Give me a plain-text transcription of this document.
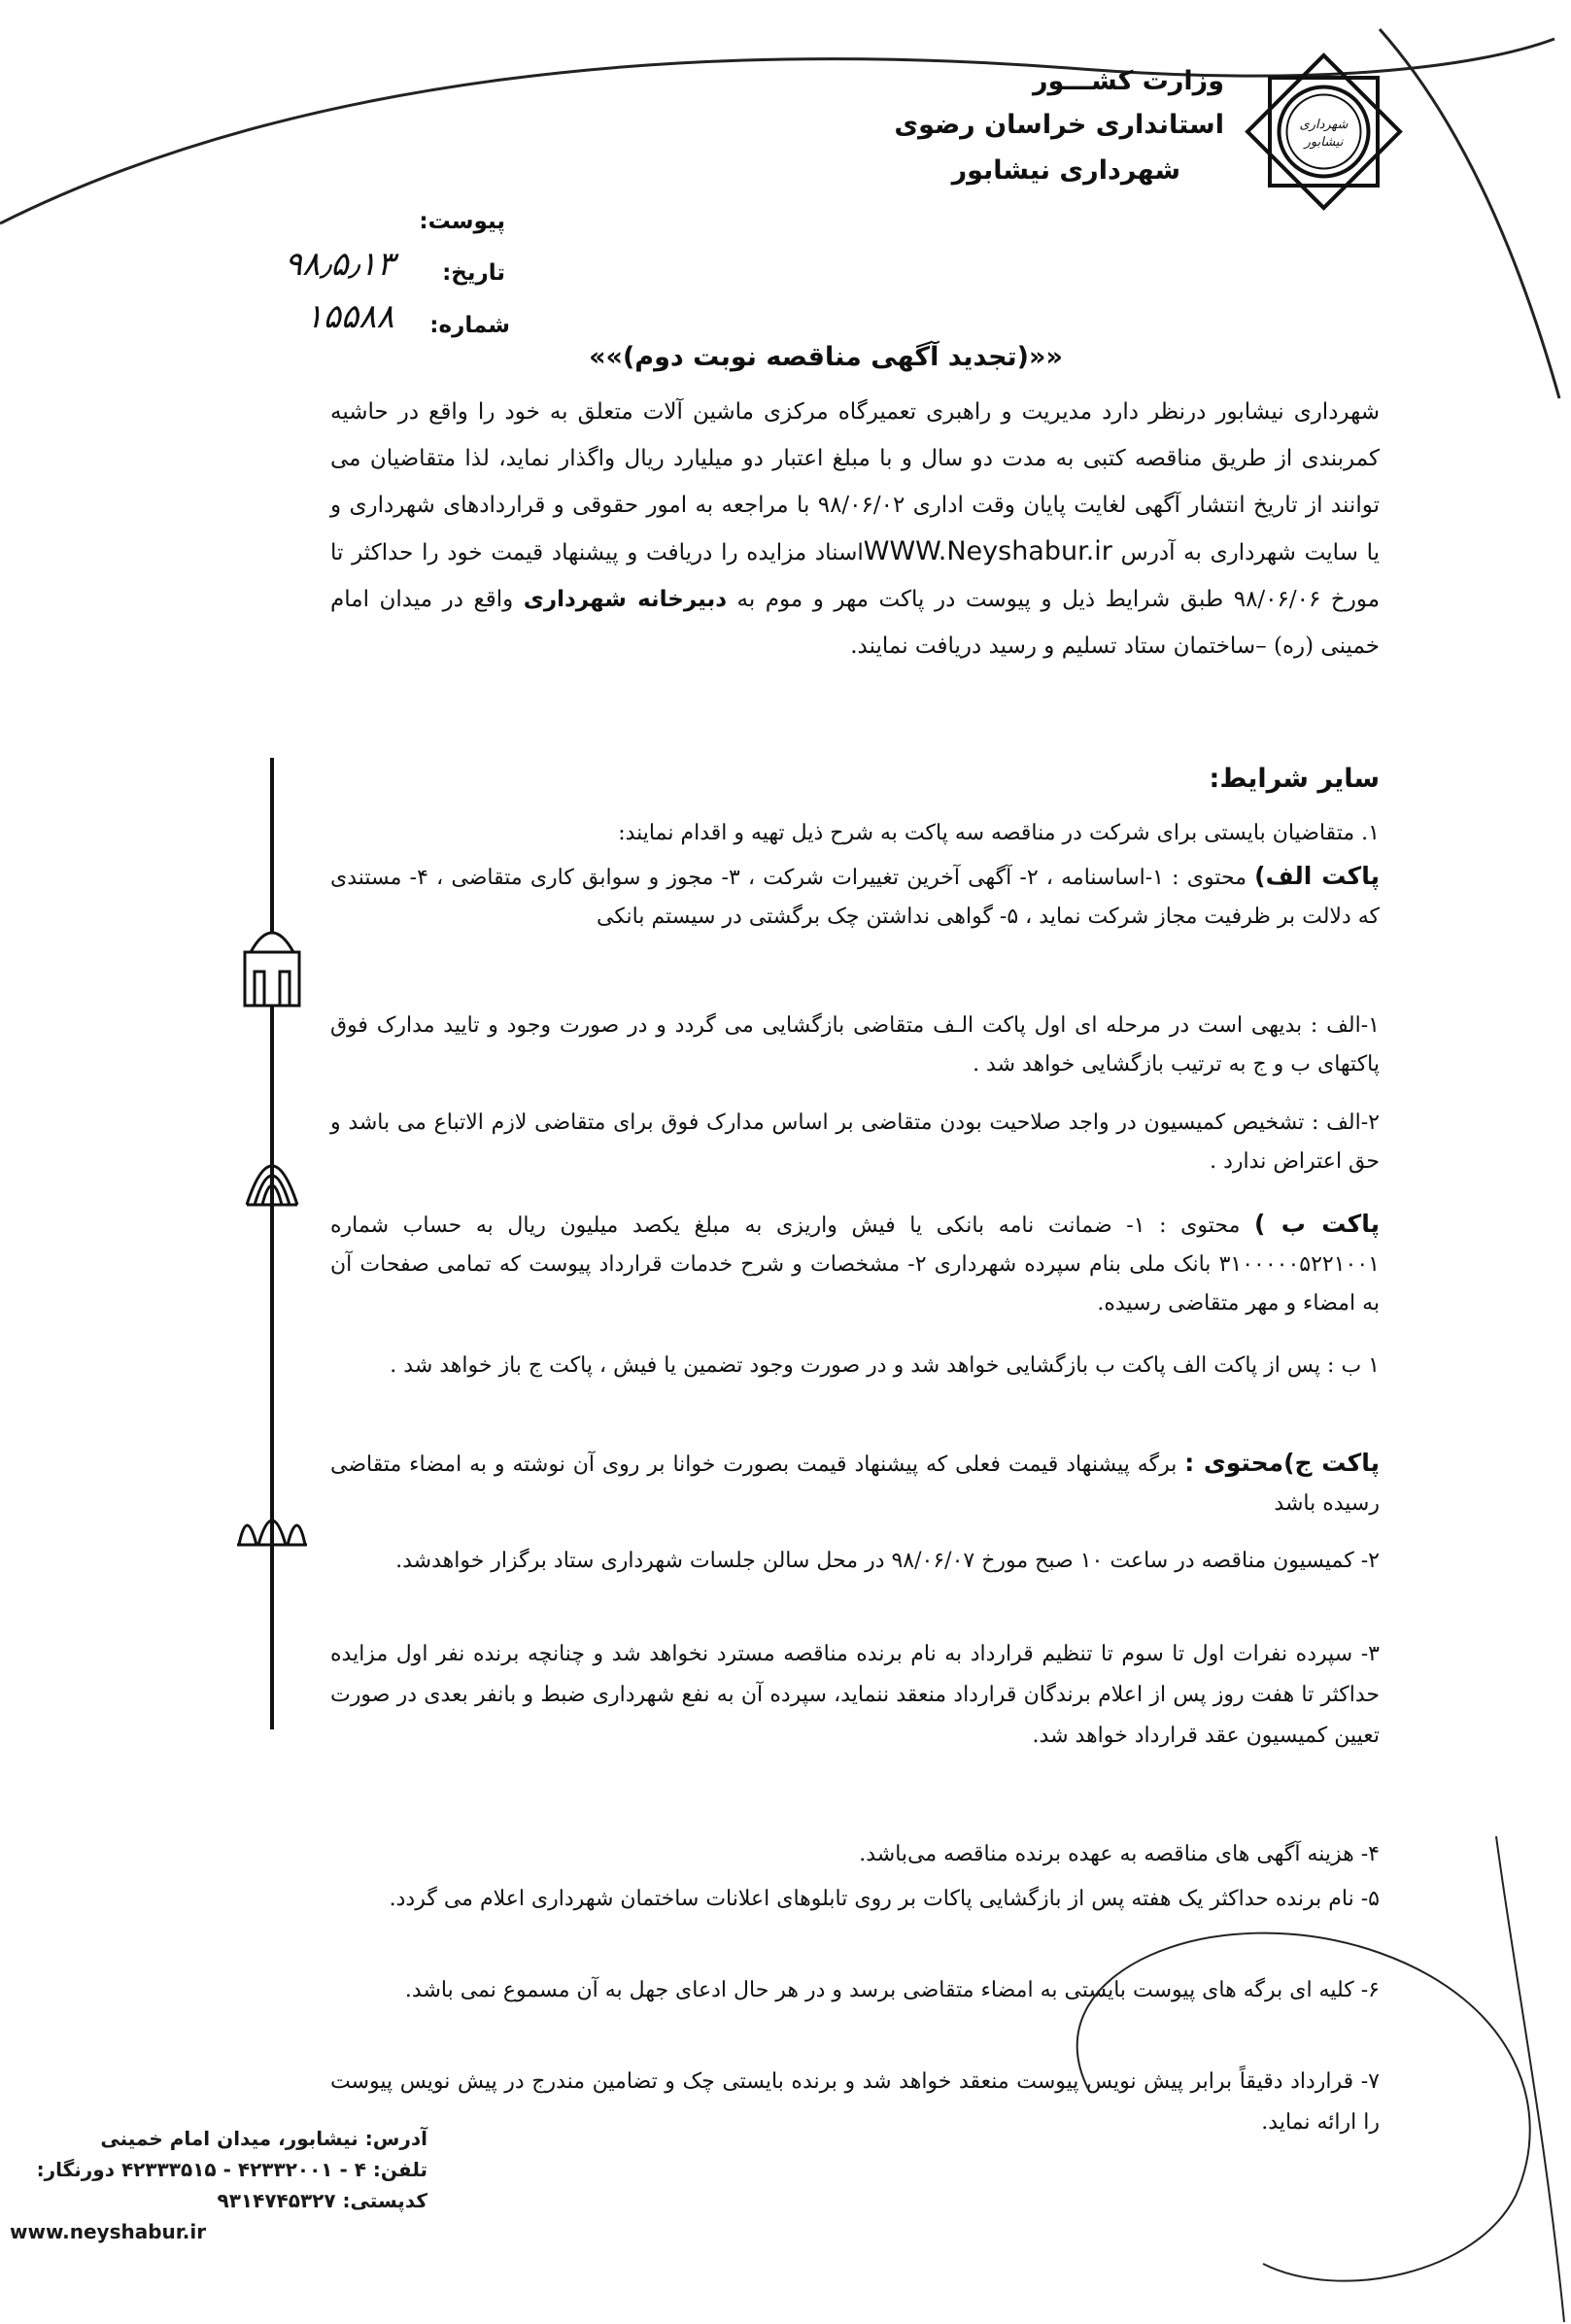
شهرداری
نیشابور
وزارت کشـــور
استانداری خراسان رضوی
شهرداری نیشابور
پیوست:
تاریخ:
۹۸٫۵٫۱۳
شماره:
۱۵۵۸۸
««(تجدید آگهی مناقصه نوبت دوم)»»
شهرداری نیشابور درنظر دارد مدیریت و راهبری تعمیرگاه مرکزی ماشین آلات متعلق به خود را واقع در حاشیه کمربندی از طریق مناقصه کتبی به مدت دو سال و با مبلغ اعتبار دو میلیارد ریال واگذار نماید، لذا متقاضیان می توانند از تاریخ انتشار آگهی لغایت پایان وقت اداری ۹۸/۰۶/۰۲ با مراجعه به امور حقوقی و قراردادهای شهرداری و یا سایت شهرداری به آدرس WWW.Neyshabur.irاسناد مزایده را دریافت و پیشنهاد قیمت خود را حداکثر تا مورخ ۹۸/۰۶/۰۶ طبق شرایط ذیل و پیوست در پاکت مهر و موم به دبیرخانه شهرداری واقع در میدان امام خمینی (ره) –ساختمان ستاد تسلیم و رسید دریافت نمایند.
سایر شرایط:
۱. متقاضیان بایستی برای شرکت در مناقصه سه پاکت به شرح ذیل تهیه و اقدام نمایند:
پاکت الف) محتوی : ۱-اساسنامه ، ۲- آگهی آخرین تغییرات شرکت ، ۳- مجوز و سوابق کاری متقاضی ، ۴- مستندی که دلالت بر ظرفیت مجاز شرکت نماید ، ۵- گواهی نداشتن چک برگشتی در سیستم بانکی
۱-الف : بدیهی است در مرحله ای اول پاکت الـف متقاضی بازگشایی می گردد و در صورت وجود و تایید مدارک فوق پاکتهای ب و ج به ترتیب بازگشایی خواهد شد .
۲-الف : تشخیص کمیسیون در واجد صلاحیت بودن متقاضی بر اساس مدارک فوق برای متقاضی لازم الاتباع می باشد و حق اعتراض ندارد .
پاکت ب ) محتوی : ۱- ضمانت نامه بانکی یا فیش واریزی به مبلغ یکصد میلیون ریال به حساب شماره ۳۱۰۰۰۰۰۵۲۲۱۰۰۱ بانک ملی بنام سپرده شهرداری ۲- مشخصات و شرح خدمات قرارداد پیوست که تمامی صفحات آن به امضاء و مهر متقاضی رسیده.
۱ ب : پس از پاکت الف پاکت ب بازگشایی خواهد شد و در صورت وجود تضمین یا فیش ، پاکت ج باز خواهد شد .
پاکت ج)محتوی : برگه پیشنهاد قیمت فعلی که پیشنهاد قیمت بصورت خوانا بر روی آن نوشته و به امضاء متقاضی رسیده باشد
۲- کمیسیون مناقصه در ساعت ۱۰ صبح مورخ ۹۸/۰۶/۰۷ در محل سالن جلسات شهرداری ستاد برگزار خواهدشد.
۳- سپرده نفرات اول تا سوم تا تنظیم قرارداد به نام برنده مناقصه مسترد نخواهد شد و چنانچه برنده نفر اول مزایده حداکثر تا هفت روز پس از اعلام برندگان قرارداد منعقد ننماید، سپرده آن به نفع شهرداری ضبط و بانفر بعدی در صورت تعیین کمیسیون عقد قرارداد خواهد شد.
۴- هزینه آگهی های مناقصه به عهده برنده مناقصه می‌باشد.
۵- نام برنده حداکثر یک هفته پس از بازگشایی پاکات بر روی تابلوهای اعلانات ساختمان شهرداری اعلام می گردد.
۶- کلیه ای برگه های پیوست بایستی به امضاء متقاضی برسد و در هر حال ادعای جهل به آن مسموع نمی باشد.
۷- قرارداد دقیقاً برابر پیش نویس پیوست منعقد خواهد شد و برنده بایستی چک و تضامین مندرج در پیش نویس پیوست را ارائه نماید.
آدرس: نیشابور، میدان امام خمینی
تلفن: ۴ - ۴۲۳۳۲۰۰۱ - ۴۲۳۳۳۵۱۵ دورنگار:
کدپستی: ۹۳۱۴۷۴۵۳۲۷
www.neyshabur.ir
